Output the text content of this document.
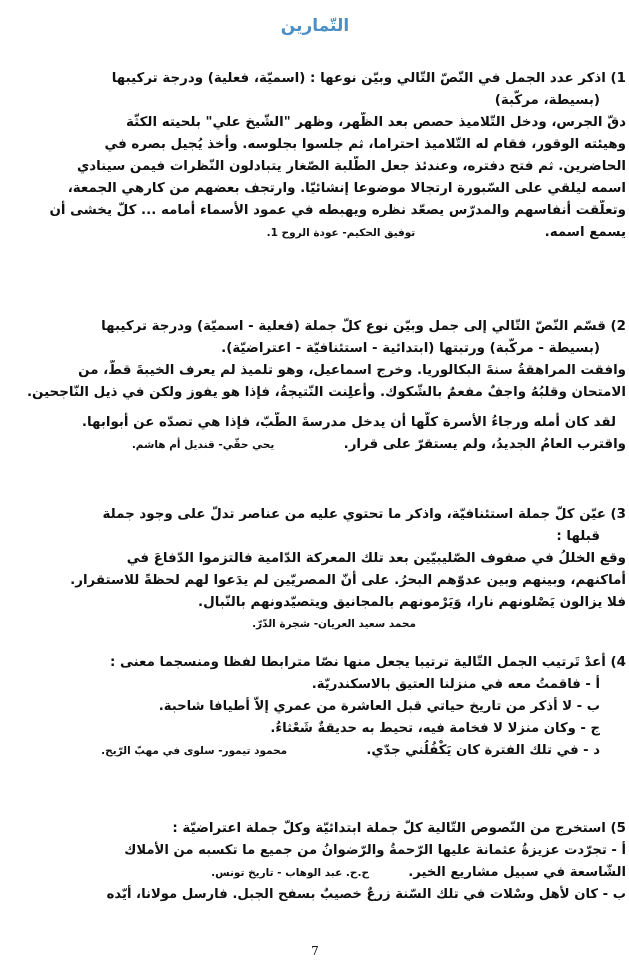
التّمارين
1) اذكر عدد الجمل في النّصّ التّالي وبيّن نوعها : (اسميّة، فعلية) ودرجة تركيبها
(بسيطة، مركّبة)
دقّ الجرس، ودخل التّلاميذ حصص بعد الظّهر، وظهر "الشّيخ علي" بلحيته الكثّة
وهيئته الوقور، فقام له التّلاميذ احتراما، ثم جلسوا بجلوسه. وأخذ يُجيل بصره في
الحاضرين. ثم فتح دفتره، وعندئذ جعل الطّلبة الصّغار يتبادلون النّظرات فيمن سينادي
اسمه ليلقي على السّبورة ارتجالا موضوعا إنشائيّا. وارتجف بعضهم من كارهي الجمعة،
وتعلّقت أنفاسهم والمدرّس يصعّد نظره ويهبطه في عمود الأسماء أمامه ... كلّ يخشى أن
يسمع اسمه.  توفيق الحكيم- عودة الروح 1.
2) قسّم النّصّ التّالي إلى جمل وبيّن نوع كلّ جملة (فعلية - اسميّة) ودرجة تركيبها
(بسيطة - مركّبة) ورتبتها (ابتدائية - استئنافيّة - اعتراضيّة).
وافقت المراهقةُ سنةَ البكالوريا. وخرج اسماعيل، وهو تلميذ لم يعرف الخيبةَ قطّ، من
الامتحان وقلبُهُ واجفٌ مفعمٌ بالشّكوك. وأُعلِنت النّتيجةُ، فإذا هو يفوز ولكن في ذيل النّاجحين.
لقد كان أمله ورجاءُ الأسرة كلّها أن يدخل مدرسةَ الطّبّ، فإذا هي تصدّه عن أبوابها.
واقترب العامُ الجديدُ، ولم يستقرّ على قرار.  يحي حقّي- قنديل أم هاشم.
3) عيّن كلّ جملة استئنافيّة، واذكر ما تحتوي عليه من عناصر تدلّ على وجود جملة
قبلها :
وقع الخللُ في صفوف الصّليبيّين بعد تلك المعركة الدّامية فالتزموا الدّفاعَ في
أماكنهم، وبينهم وبين عدوّهم البحرُ. على أنّ المصريّين لم يدَعوا لهم لحظةً للاستقرار.
فلا يزالون يَصْلونهم نارا، وَيَرْمونهم بالمجانيق ويتصيّدونهم بالنّبال.
محمد سعيد العريان- شجرة الدّرّ.
4) أعدْ تَرتيب الجمل التّالية ترتيبا يجعل منها نصّا مترابطا لفظا ومنسجما معنى :
أ - فاقمتُ معه في منزلنا العتيق بالاسكندريّة.
ب - لا أذكر من تاريخ حياتي قبل العاشرة من عمري إلاّ أطيافا شاحبة.
ج - وكان منزلا لا فخامة فيه، تحيط به حديقةٌ شَعْثاءُ.
د - في تلك الفترة كان يَكْفُلُني جدّي.  محمود تيمور- سلوى في مهبّ الرّيح.
5) استخرج من النّصوص التّالية كلّ جملة ابتدائيّة وكلّ جملة اعتراضيّة :
أ - تجرّدت عزيزةُ عثمانة عليها الرّحمةُ والرّضوانُ من جميع ما تكسبه من الأملاك
الشّاسعة في سبيل مشاريع الخير.  ح.ح. عبد الوهاب - تاريخ تونس.
ب - كان لأهل وسْلات في تلك السّنة زرعٌ خصيبٌ بسفح الجبل. فارسل مولانا، أيّده
7
